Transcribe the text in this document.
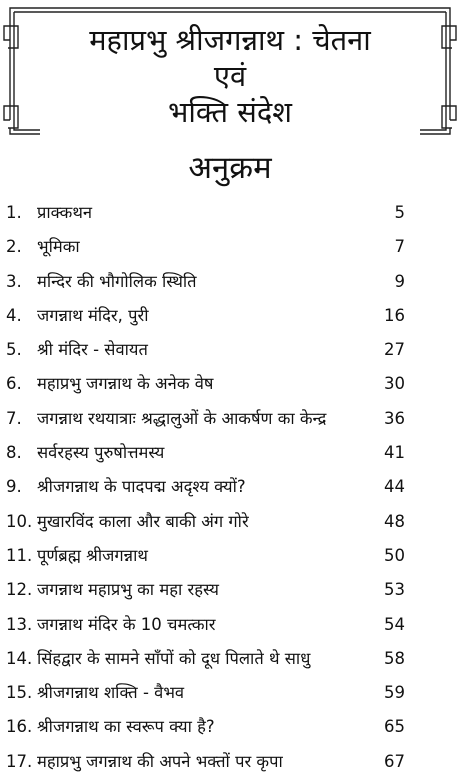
महाप्रभु श्रीजगन्नाथ : चेतना
एवं
भक्ति संदेश
अनुक्रम
1. प्राक्कथन	5
2. भूमिका	7
3. मन्दिर की भौगोलिक स्थिति	9
4. जगन्नाथ मंदिर, पुरी	16
5. श्री मंदिर - सेवायत	27
6. महाप्रभु जगन्नाथ के अनेक वेष	30
7. जगन्नाथ रथयात्राः श्रद्धालुओं के आकर्षण का केन्द्र	36
8. सर्वरहस्य पुरुषोत्तमस्य	41
9. श्रीजगन्नाथ के पादपद्म अदृश्य क्यों?	44
10. मुखारविंद काला और बाकी अंग गोरे	48
11. पूर्णब्रह्म श्रीजगन्नाथ	50
12. जगन्नाथ महाप्रभु का महा रहस्य	53
13. जगन्नाथ मंदिर के 10 चमत्कार	54
14. सिंहद्वार के सामने साँपों को दूध पिलाते थे साधु	58
15. श्रीजगन्नाथ शक्ति - वैभव	59
16. श्रीजगन्नाथ का स्वरूप क्या है?	65
17. महाप्रभु जगन्नाथ की अपने भक्तों पर कृपा	67
